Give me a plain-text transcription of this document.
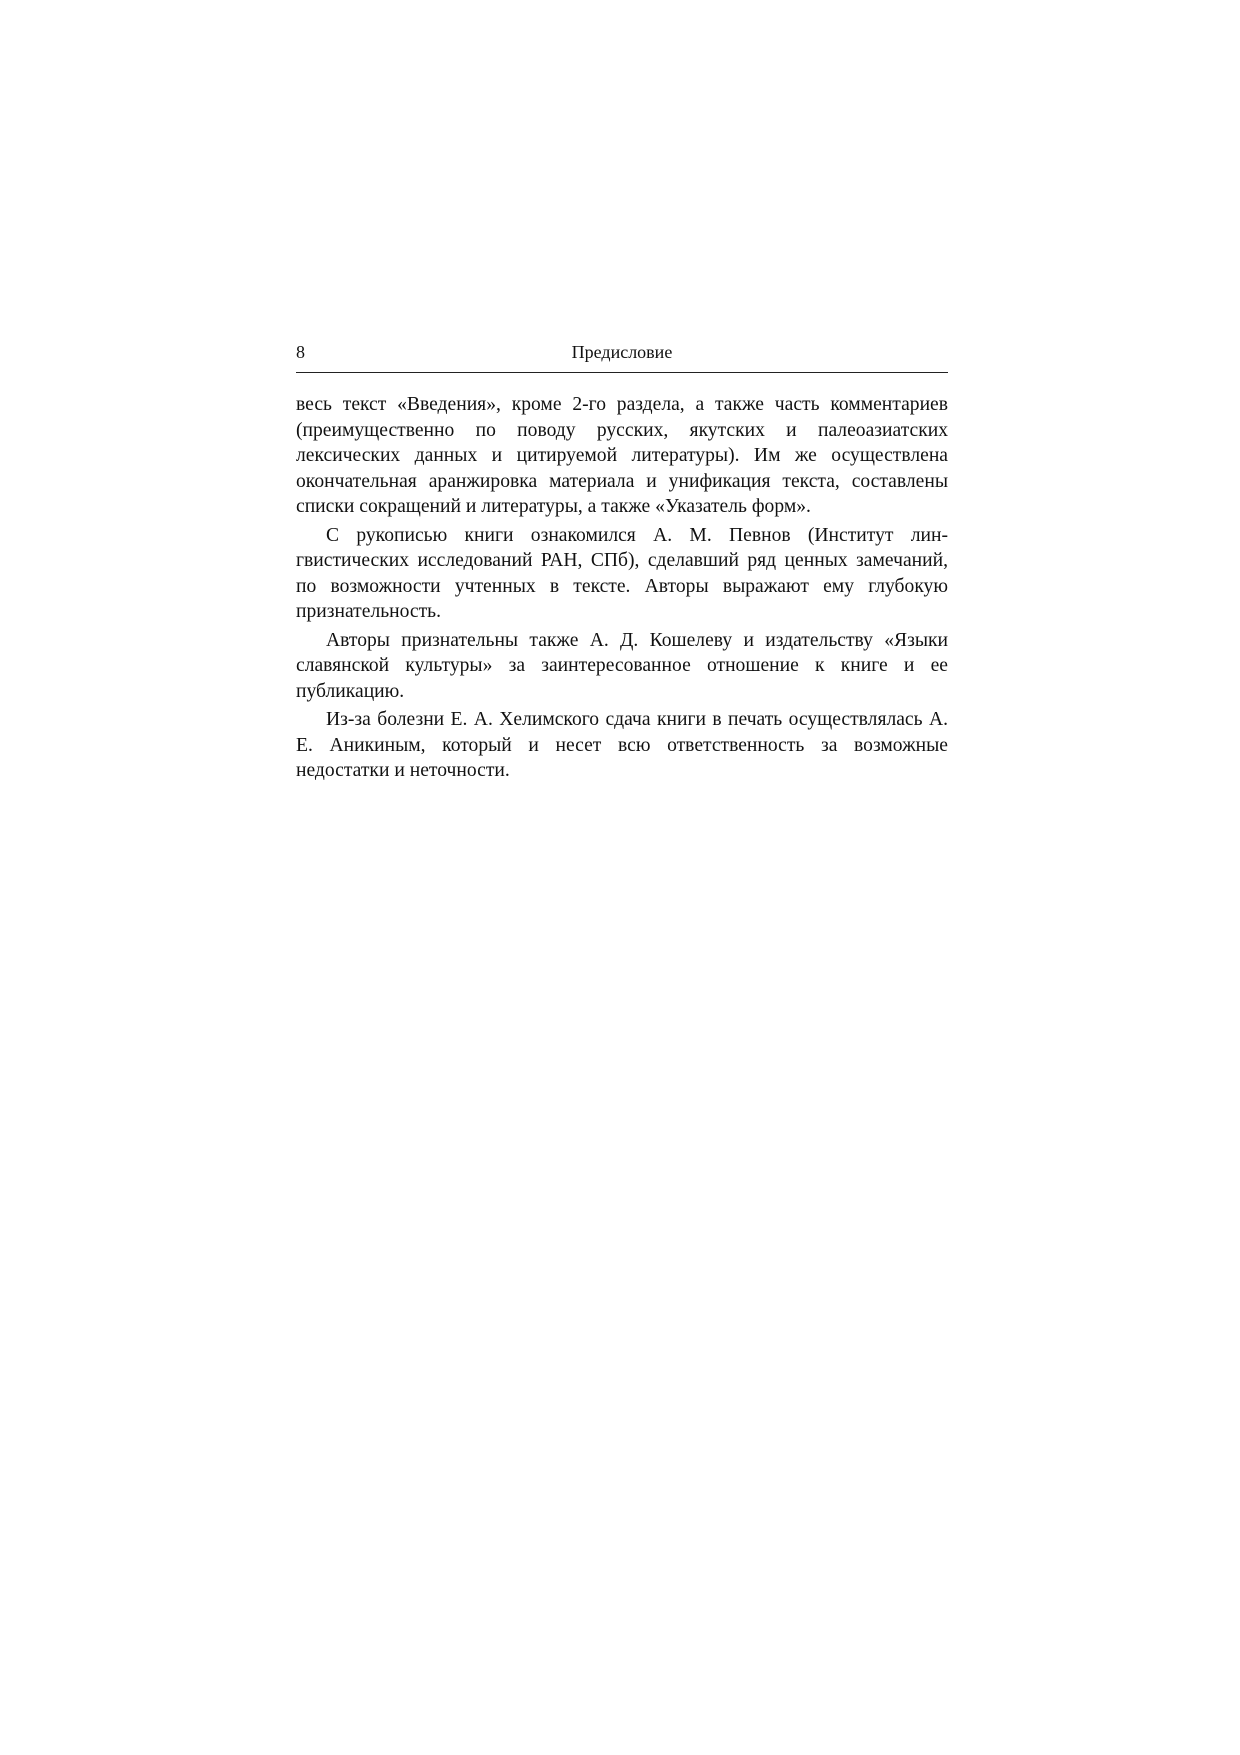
8	Предисловие

весь текст «Введения», кроме 2-го раздела, а также часть комментариев (преимущественно по поводу русских, якутских и палеоазиатских лексических данных и цитируемой литературы). Им же осуществлена окончательная аранжировка материала и унификация текста, составлены списки сокращений и литературы, а также «Указатель форм».

С рукописью книги ознакомился А. М. Певнов (Институт лингвистических исследований РАН, СПб), сделавший ряд ценных замечаний, по возможности учтенных в тексте. Авторы выражают ему глубокую признательность.

Авторы признательны также А. Д. Кошелеву и издательству «Языки славянской культуры» за заинтересованное отношение к книге и ее публикацию.

Из-за болезни Е. А. Хелимского сдача книги в печать осуществлялась А. Е. Аникиным, который и несет всю ответственность за возможные недостатки и неточности.
